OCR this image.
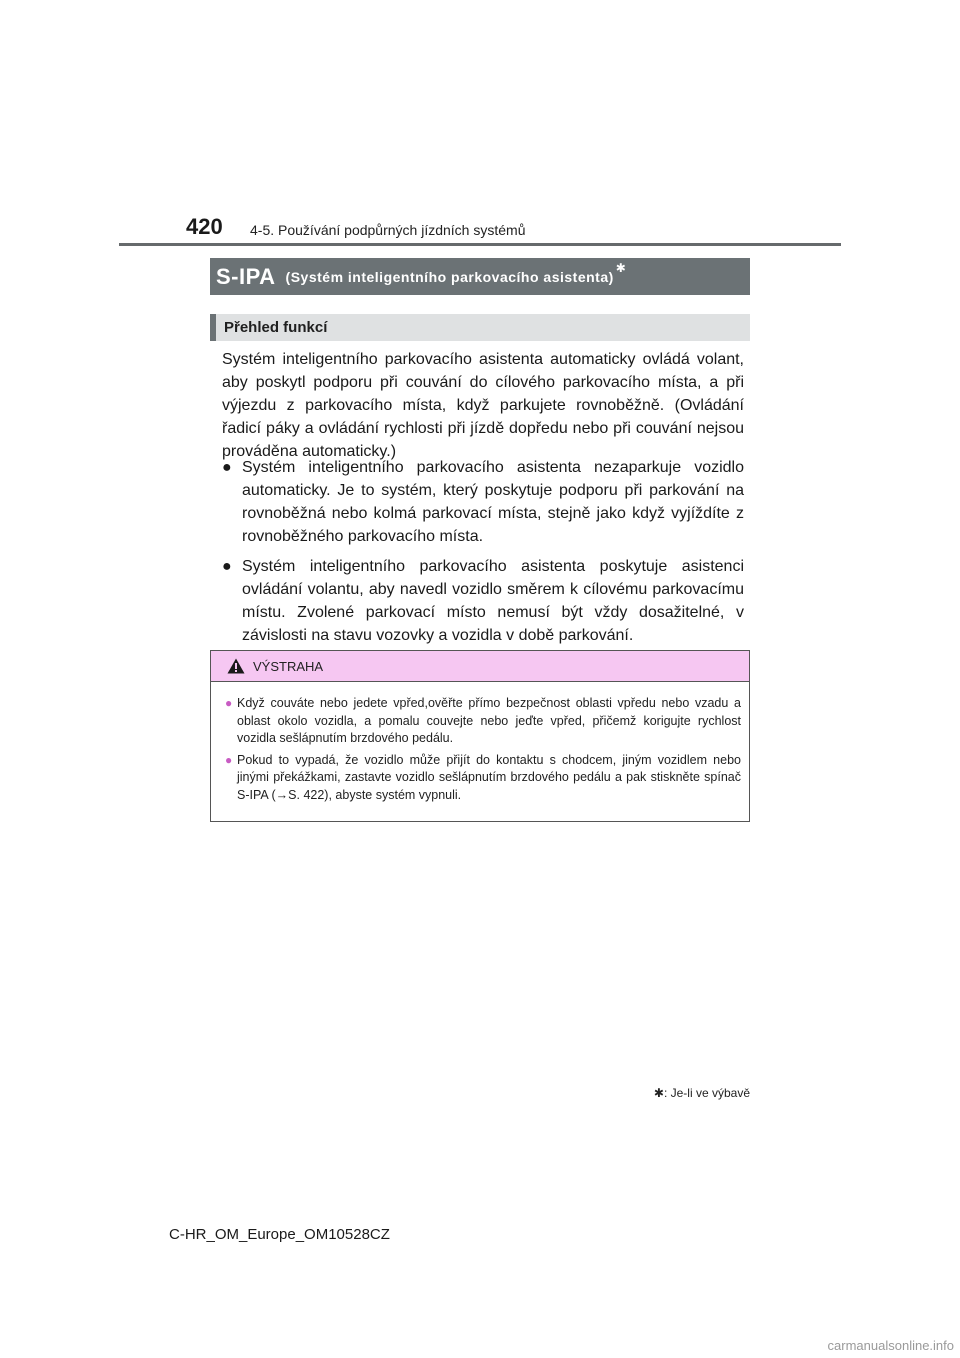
420 4-5. Používání podpůrných jízdních systémů
S-IPA (Systém inteligentního parkovacího asistenta)
✱
Přehled funkcí

Systém inteligentního parkovacího asistenta automaticky ovládá volant, aby poskytl podporu při couvání do cílového parkovacího místa, a při výjezdu z parkovacího místa, když parkujete rovnoběžně. (Ovládání řadicí páky a ovládání rychlosti při jízdě dopředu nebo při couvání nejsou prováděna automaticky.)

● Systém inteligentního parkovacího asistenta nezaparkuje vozidlo automaticky. Je to systém, který poskytuje podporu při parkování na rovnoběžná nebo kolmá parkovací místa, stejně jako když vyjíždíte z rovnoběžného parkovacího místa.
● Systém inteligentního parkovacího asistenta poskytuje asistenci ovládání volantu, aby navedl vozidlo směrem k cílovému parkovacímu místu. Zvolené parkovací místo nemusí být vždy dosažitelné, v závislosti na stavu vozovky a vozidla v době parkování.
VÝSTRAHA
● Když couváte nebo jedete vpřed,ověřte přímo bezpečnost oblasti vpředu nebo vzadu a oblast okolo vozidla, a pomalu couvejte nebo jeďte vpřed, přičemž korigujte rychlost vozidla sešlápnutím brzdového pedálu.
● Pokud to vypadá, že vozidlo může přijít do kontaktu s chodcem, jiným vozidlem nebo jinými překážkami, zastavte vozidlo sešlápnutím brzdového pedálu a pak stiskněte spínač S-IPA (→S. 422), abyste systém vypnuli.
✱: Je-li ve výbavě
C-HR_OM_Europe_OM10528CZ
carmanualsonline.info
